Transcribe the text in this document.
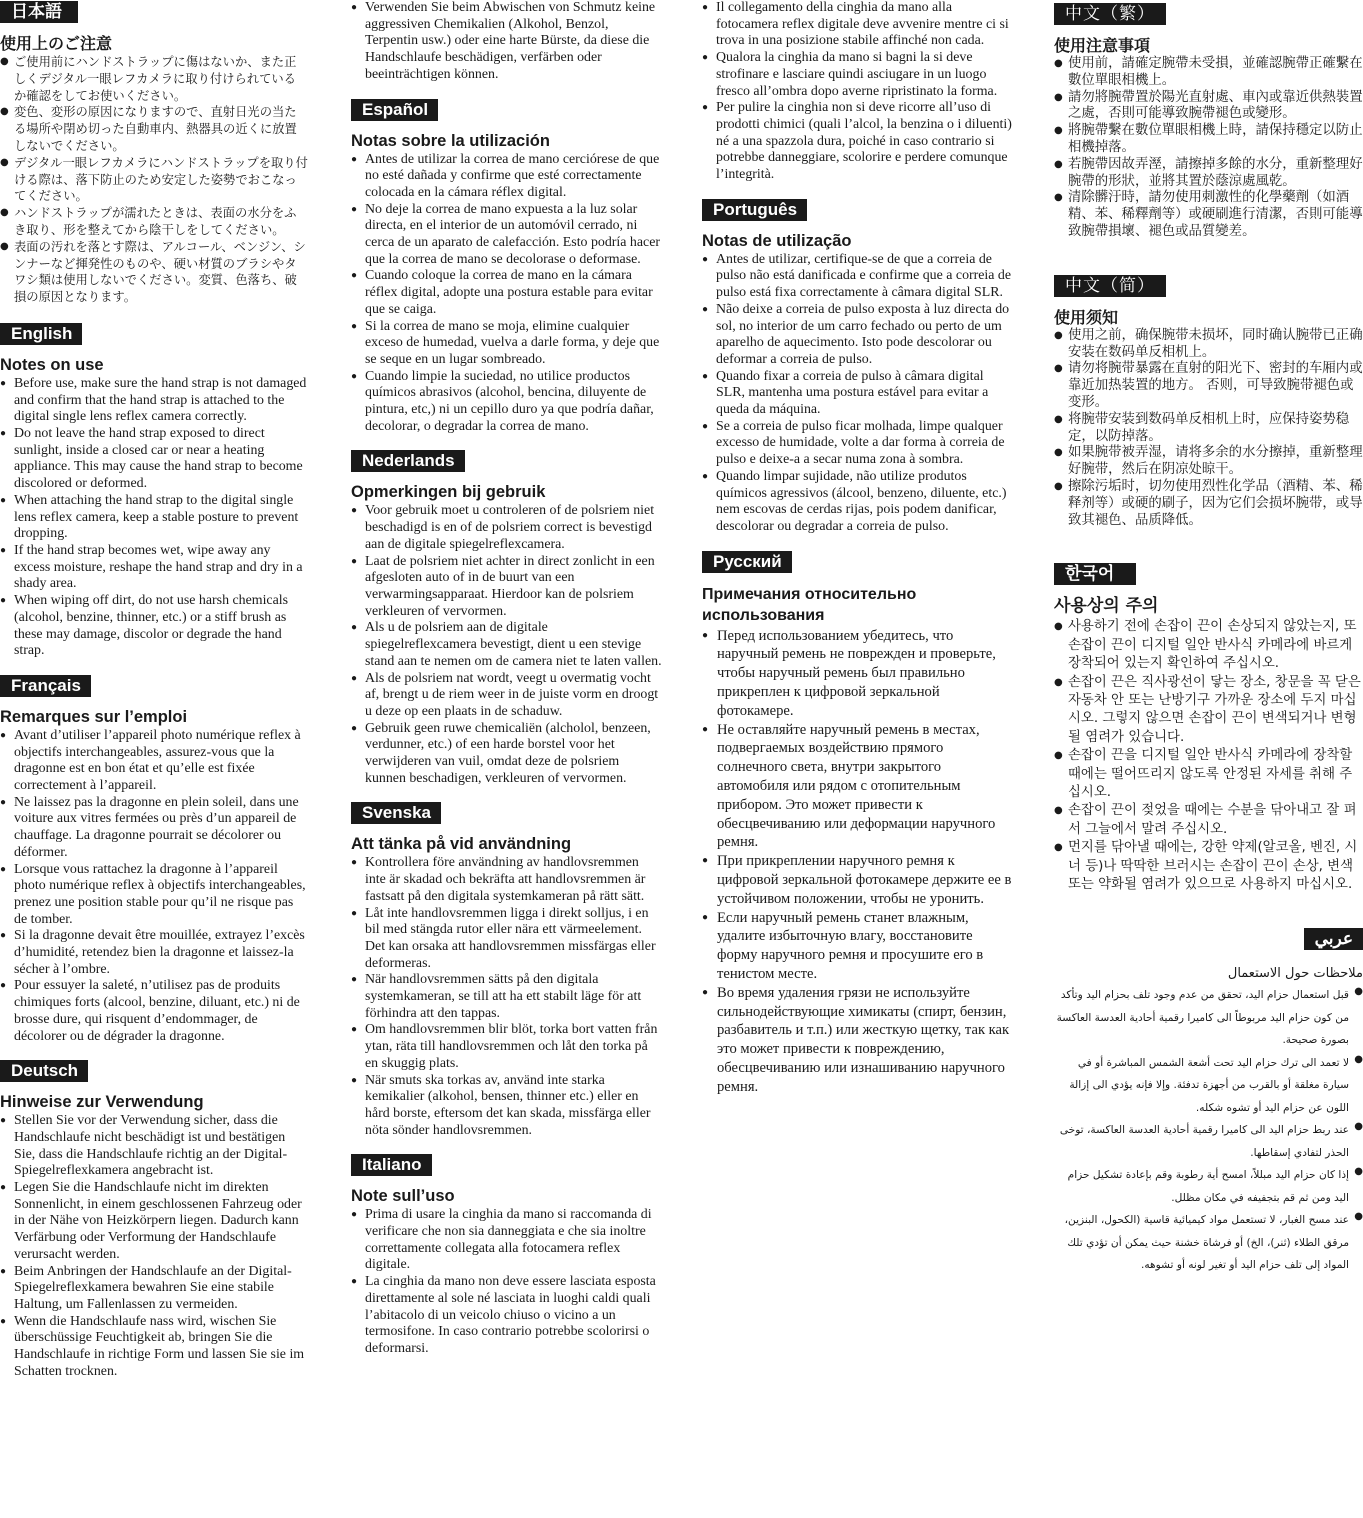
日本語
使用上のご注意
● ご使用前にハンドストラップに傷はないか、また正しくデジタル一眼レフカメラに取り付けられているか確認をしてお使いください。
● 変色、変形の原因になりますので、直射日光の当たる場所や閉め切った自動車内、熱器具の近くに放置しないでください。
● デジタル一眼レフカメラにハンドストラップを取り付ける際は、落下防止のため安定した姿勢でおこなってください。
● ハンドストラップが濡れたときは、表面の水分をふき取り、形を整えてから陰干しをしてください。
● 表面の汚れを落とす際は、アルコール、ベンジン、シンナーなど揮発性のものや、硬い材質のブラシやタワシ類は使用しないでください。変質、色落ち、破損の原因となります。
English
Notes on use
● Before use, make sure the hand strap is not damaged and confirm that the hand strap is attached to the digital single lens reflex camera correctly.
● Do not leave the hand strap exposed to direct sunlight, inside a closed car or near a heating appliance. This may cause the hand strap to become discolored or deformed.
● When attaching the hand strap to the digital single lens reflex camera, keep a stable posture to prevent dropping.
● If the hand strap becomes wet, wipe away any excess moisture, reshape the hand strap and dry in a shady area.
● When wiping off dirt, do not use harsh chemicals (alcohol, benzine, thinner, etc.) or a stiff brush as these may damage, discolor or degrade the hand strap.
Français
Remarques sur l’emploi
● Avant d’utiliser l’appareil photo numérique reflex à objectifs interchangeables, assurez-vous que la dragonne est en bon état et qu’elle est fixée correctement à l’appareil.
● Ne laissez pas la dragonne en plein soleil, dans une voiture aux vitres fermées ou près d’un appareil de chauffage. La dragonne pourrait se décolorer ou déformer.
● Lorsque vous rattachez la dragonne à l’appareil photo numérique reflex à objectifs interchangeables, prenez une position stable pour qu’il ne risque pas de tomber.
● Si la dragonne devait être mouillée, extrayez l’excès d’humidité, retendez bien la dragonne et laissez-la sécher à l’ombre.
● Pour essuyer la saleté, n’utilisez pas de produits chimiques forts (alcool, benzine, diluant, etc.) ni de brosse dure, qui risquent d’endommager, de décolorer ou de dégrader la dragonne.
Deutsch
Hinweise zur Verwendung
● Stellen Sie vor der Verwendung sicher, dass die Handschlaufe nicht beschädigt ist und bestätigen Sie, dass die Handschlaufe richtig an der Digital-Spiegelreflexkamera angebracht ist.
● Legen Sie die Handschlaufe nicht im direkten Sonnenlicht, in einem geschlossenen Fahrzeug oder in der Nähe von Heizkörpern liegen. Dadurch kann Verfärbung oder Verformung der Handschlaufe verursacht werden.
● Beim Anbringen der Handschlaufe an der Digital-Spiegelreflexkamera bewahren Sie eine stabile Haltung, um Fallenlassen zu vermeiden.
● Wenn die Handschlaufe nass wird, wischen Sie überschüssige Feuchtigkeit ab, bringen Sie die Handschlaufe in richtige Form und lassen Sie sie im Schatten trocknen.
● Verwenden Sie beim Abwischen von Schmutz keine aggressiven Chemikalien (Alkohol, Benzol, Terpentin usw.) oder eine harte Bürste, da diese die Handschlaufe beschädigen, verfärben oder beeinträchtigen können.
Español
Notas sobre la utilización
● Antes de utilizar la correa de mano cerciórese de que no esté dañada y confirme que esté correctamente colocada en la cámara réflex digital.
● No deje la correa de mano expuesta a la luz solar directa, en el interior de un automóvil cerrado, ni cerca de un aparato de calefacción. Esto podría hacer que la correa de mano se decolorase o deformase.
● Cuando coloque la correa de mano en la cámara réflex digital, adopte una postura estable para evitar que se caiga.
● Si la correa de mano se moja, elimine cualquier exceso de humedad, vuelva a darle forma, y deje que se seque en un lugar sombreado.
● Cuando limpie la suciedad, no utilice productos químicos abrasivos (alcohol, bencina, diluyente de pintura, etc,) ni un cepillo duro ya que podría dañar, decolorar, o degradar la correa de mano.
Nederlands
Opmerkingen bij gebruik
● Voor gebruik moet u controleren of de polsriem niet beschadigd is en of de polsriem correct is bevestigd aan de digitale spiegelreflexcamera.
● Laat de polsriem niet achter in direct zonlicht in een afgesloten auto of in de buurt van een verwarmingsapparaat. Hierdoor kan de polsriem verkleuren of vervormen.
● Als u de polsriem aan de digitale spiegelreflexcamera bevestigt, dient u een stevige stand aan te nemen om de camera niet te laten vallen.
● Als de polsriem nat wordt, veegt u overmatig vocht af, brengt u de riem weer in de juiste vorm en droogt u deze op een plaats in de schaduw.
● Gebruik geen ruwe chemicaliën (alcholol, benzeen, verdunner, etc.) of een harde borstel voor het verwijderen van vuil, omdat deze de polsriem kunnen beschadigen, verkleuren of vervormen.
Svenska
Att tänka på vid användning
● Kontrollera före användning av handlovsremmen inte är skadad och bekräfta att handlovsremmen är fastsatt på den digitala systemkameran på rätt sätt.
● Låt inte handlovsremmen ligga i direkt solljus, i en bil med stängda rutor eller nära ett värmeelement. Det kan orsaka att handlovsremmen missfärgas eller deformeras.
● När handlovsremmen sätts på den digitala systemkameran, se till att ha ett stabilt läge för att förhindra att den tappas.
● Om handlovsremmen blir blöt, torka bort vatten från ytan, räta till handlovsremmen och låt den torka på en skuggig plats.
● När smuts ska torkas av, använd inte starka kemikalier (alkohol, bensen, thinner etc.) eller en hård borste, eftersom det kan skada, missfärga eller nöta sönder handlovsremmen.
Italiano
Note sull’uso
● Prima di usare la cinghia da mano si raccomanda di verificare che non sia danneggiata e che sia inoltre correttamente collegata alla fotocamera reflex digitale.
● La cinghia da mano non deve essere lasciata esposta direttamente al sole né lasciata in luoghi caldi quali l’abitacolo di un veicolo chiuso o vicino a un termosifone. In caso contrario potrebbe scolorirsi o deformarsi.
● Il collegamento della cinghia da mano alla fotocamera reflex digitale deve avvenire mentre ci si trova in una posizione stabile affinché non cada.
● Qualora la cinghia da mano si bagni la si deve strofinare e lasciare quindi asciugare in un luogo fresco all’ombra dopo averne ripristinato la forma.
● Per pulire la cinghia non si deve ricorre all’uso di prodotti chimici (quali l’alcol, la benzina o i diluenti) né a una spazzola dura, poiché in caso contrario si potrebbe danneggiare, scolorire e perdere comunque l’integrità.
Português
Notas de utilização
● Antes de utilizar, certifique-se de que a correia de pulso não está danificada e confirme que a correia de pulso está fixa correctamente à câmara digital SLR.
● Não deixe a correia de pulso exposta à luz directa do sol, no interior de um carro fechado ou perto de um aparelho de aquecimento. Isto pode descolorar ou deformar a correia de pulso.
● Quando fixar a correia de pulso à câmara digital SLR, mantenha uma postura estável para evitar a queda da máquina.
● Se a correia de pulso ficar molhada, limpe qualquer excesso de humidade, volte a dar forma à correia de pulso e deixe-a a secar numa zona à sombra.
● Quando limpar sujidade, não utilize produtos químicos agressivos (álcool, benzeno, diluente, etc.) nem escovas de cerdas rijas, pois podem danificar, descolorar ou degradar a correia de pulso.
Русский
Примечания относительно использования
● Перед использованием убедитесь, что наручный ремень не поврежден и проверьте, чтобы наручный ремень был правильно прикреплен к цифровой зеркальной фотокамере.
● Не оставляйте наручный ремень в местах, подвергаемых воздействию прямого солнечного света, внутри закрытого автомобиля или рядом с отопительным прибором. Это может привести к обесцвечиванию или деформации наручного ремня.
● При прикреплении наручного ремня к цифровой зеркальной фотокамере держите ее в устойчивом положении, чтобы не уронить.
● Если наручный ремень станет влажным, удалите избыточную влагу, восстановите форму наручного ремня и просушите его в тенистом месте.
● Во время удаления грязи не используйте сильнодействующие химикаты (спирт, бензин, разбавитель и т.п.) или жесткую щетку, так как это может привести к повреждению, обесцвечиванию или изнашиванию наручного ремня.
中文（繁）
使用注意事項
● 使用前，請確定腕帶未受損，並確認腕帶正確繫在數位單眼相機上。
● 請勿將腕帶置於陽光直射處、車內或靠近供熱裝置之處，否則可能導致腕帶褪色或變形。
● 將腕帶繫在數位單眼相機上時，請保持穩定以防止相機掉落。
● 若腕帶因故弄溼，請擦掉多餘的水分，重新整理好腕帶的形狀，並將其置於蔭涼處風乾。
● 清除髒汙時，請勿使用刺激性的化學藥劑（如酒精、苯、稀釋劑等）或硬刷進行清潔，否則可能導致腕帶損壞、褪色或品質變差。
中文（简）
使用须知
● 使用之前，确保腕带未损坏，同时确认腕带已正确安装在数码单反相机上。
● 请勿将腕带暴露在直射的阳光下、密封的车厢内或靠近加热装置的地方。 否则，可导致腕带褪色或变形。
● 将腕带安装到数码单反相机上时，应保持姿势稳定，以防掉落。
● 如果腕带被弄湿，请将多余的水分擦掉，重新整理好腕带，然后在阴凉处晾干。
● 擦除污垢时，切勿使用烈性化学品（酒精、苯、稀释剂等）或硬的刷子，因为它们会损坏腕带，或导致其褪色、品质降低。
한국어
사용상의 주의
● 사용하기 전에 손잡이 끈이 손상되지 않았는지, 또 손잡이 끈이 디지털 일안 반사식 카메라에 바르게 장착되어 있는지 확인하여 주십시오.
● 손잡이 끈은 직사광선이 닿는 장소, 창문을 꼭 닫은 자동차 안 또는 난방기구 가까운 장소에 두지 마십시오. 그렇지 않으면 손잡이 끈이 변색되거나 변형될 염려가 있습니다.
● 손잡이 끈을 디지털 일안 반사식 카메라에 장착할 때에는 떨어뜨리지 않도록 안정된 자세를 취해 주십시오.
● 손잡이 끈이 젖었을 때에는 수분을 닦아내고 잘 펴서 그늘에서 말려 주십시오.
● 먼지를 닦아낼 때에는, 강한 약제(알코올, 벤진, 시너 등)나 딱딱한 브러시는 손잡이 끈이 손상, 변색 또는 약화될 염려가 있으므로 사용하지 마십시오.
عربي
ملاحظات حول الاستعمال
● قبل استعمال حزام اليد، تحقق من عدم وجود تلف بحزام اليد وتأكد من كون حزام اليد مربوطاً الى كاميرا رقمية أحادية العدسة العاكسة بصورة صحيحة.
● لا تعمد الى ترك حزام اليد تحت أشعة الشمس المباشرة أو في سيارة مغلقة أو بالقرب من أجهزة تدفئة. وإلا فإنه يؤدي الى إزالة اللون عن حزام اليد أو تشوه شكله.
● عند ربط حزام اليد الى كاميرا رقمية أحادية العدسة العاكسة، توخى الحذر لتفادي إسقاطها.
● إذا كان حزام اليد مبللاً، امسح أية رطوبة وقم بإعادة تشكيل حزام اليد ومن ثم قم بتجفيفه في مكان مظلل.
● عند مسح الغبار، لا تستعمل مواد كيميائية قاسية (الكحول، البنزين، مرقق الطلاء (ثنر)، الخ) أو فرشاة خشنة حيث يمكن أن تؤدي تلك المواد إلى تلف حزام اليد أو تغير لونه أو تشوهه.
